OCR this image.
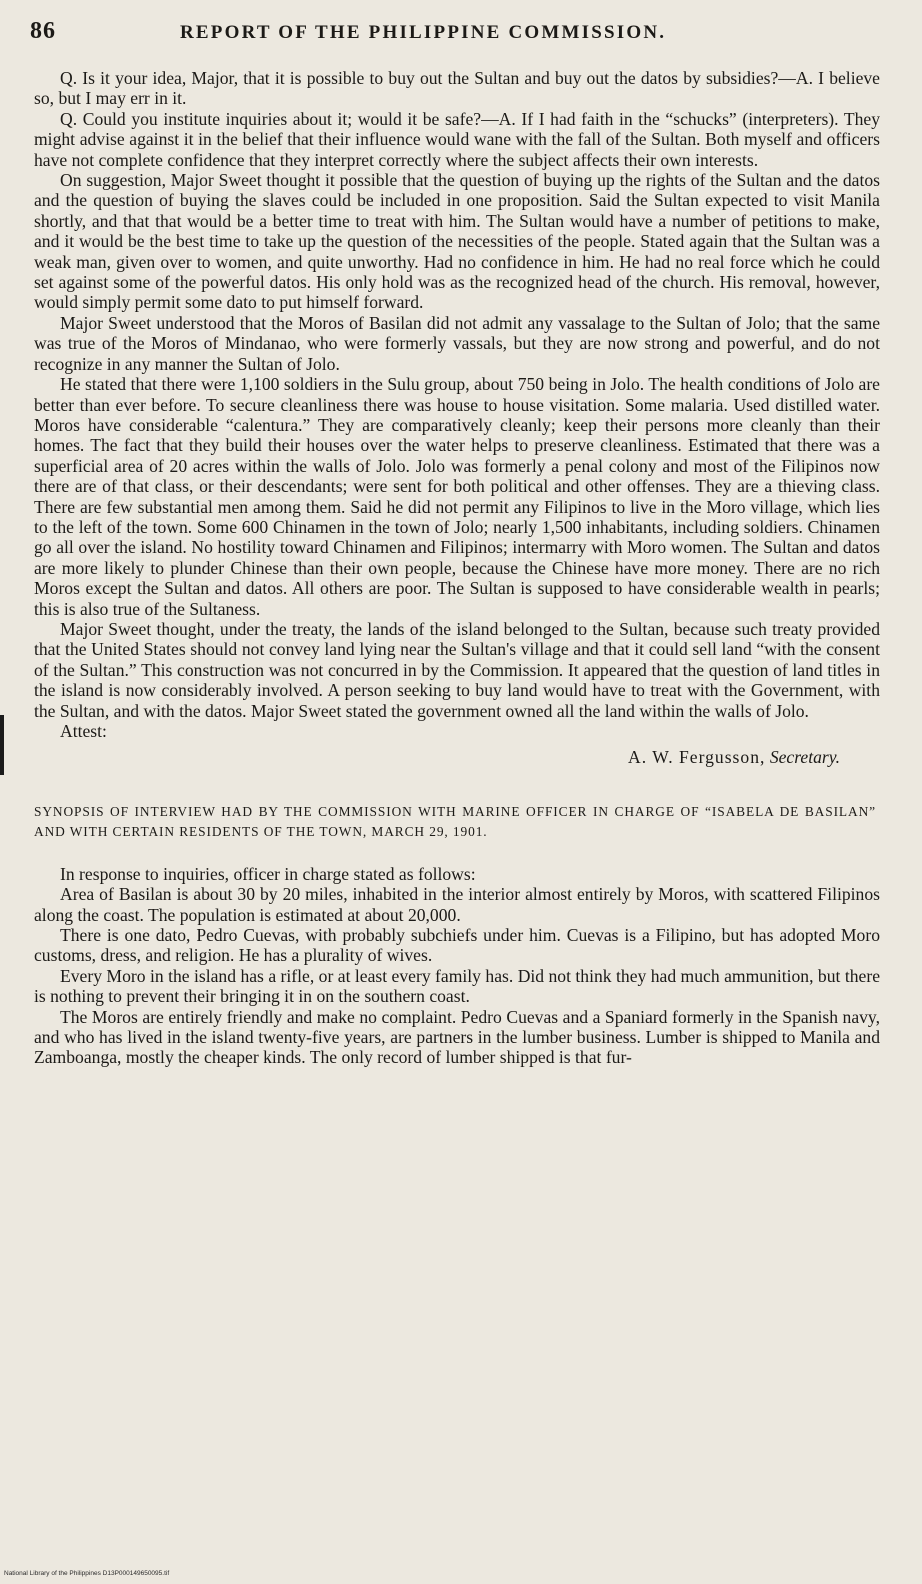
86	REPORT OF THE PHILIPPINE COMMISSION.

Q. Is it your idea, Major, that it is possible to buy out the Sultan and buy out the datos by subsidies?—A. I believe so, but I may err in it.

Q. Could you institute inquiries about it; would it be safe?—A. If I had faith in the “schucks” (interpreters). They might advise against it in the belief that their influence would wane with the fall of the Sultan. Both myself and officers have not complete confidence that they interpret correctly where the subject affects their own interests.

On suggestion, Major Sweet thought it possible that the question of buying up the rights of the Sultan and the datos and the question of buying the slaves could be included in one proposition. Said the Sultan expected to visit Manila shortly, and that that would be a better time to treat with him. The Sultan would have a number of petitions to make, and it would be the best time to take up the question of the necessities of the people. Stated again that the Sultan was a weak man, given over to women, and quite unworthy. Had no confidence in him. He had no real force which he could set against some of the powerful datos. His only hold was as the recognized head of the church. His removal, however, would simply permit some dato to put himself forward.

Major Sweet understood that the Moros of Basilan did not admit any vassalage to the Sultan of Jolo; that the same was true of the Moros of Mindanao, who were formerly vassals, but they are now strong and powerful, and do not recognize in any manner the Sultan of Jolo.

He stated that there were 1,100 soldiers in the Sulu group, about 750 being in Jolo. The health conditions of Jolo are better than ever before. To secure cleanliness there was house to house visitation. Some malaria. Used distilled water. Moros have considerable “calentura.” They are comparatively cleanly; keep their persons more cleanly than their homes. The fact that they build their houses over the water helps to preserve cleanliness. Estimated that there was a superficial area of 20 acres within the walls of Jolo. Jolo was formerly a penal colony and most of the Filipinos now there are of that class, or their descendants; were sent for both political and other offenses. They are a thieving class. There are few substantial men among them. Said he did not permit any Filipinos to live in the Moro village, which lies to the left of the town. Some 600 Chinamen in the town of Jolo; nearly 1,500 inhabitants, including soldiers. Chinamen go all over the island. No hostility toward Chinamen and Filipinos; intermarry with Moro women. The Sultan and datos are more likely to plunder Chinese than their own people, because the Chinese have more money. There are no rich Moros except the Sultan and datos. All others are poor. The Sultan is supposed to have considerable wealth in pearls; this is also true of the Sultaness.

Major Sweet thought, under the treaty, the lands of the island belonged to the Sultan, because such treaty provided that the United States should not convey land lying near the Sultan's village and that it could sell land “with the consent of the Sultan.” This construction was not concurred in by the Commission. It appeared that the question of land titles in the island is now considerably involved. A person seeking to buy land would have to treat with the Government, with the Sultan, and with the datos. Major Sweet stated the government owned all the land within the walls of Jolo.

Attest:

A. W. Fergusson, Secretary.

SYNOPSIS OF INTERVIEW HAD BY THE COMMISSION WITH MARINE OFFICER IN CHARGE OF “ISABELA DE BASILAN” AND WITH CERTAIN RESIDENTS OF THE TOWN, MARCH 29, 1901.

In response to inquiries, officer in charge stated as follows:

Area of Basilan is about 30 by 20 miles, inhabited in the interior almost entirely by Moros, with scattered Filipinos along the coast. The population is estimated at about 20,000.

There is one dato, Pedro Cuevas, with probably subchiefs under him. Cuevas is a Filipino, but has adopted Moro customs, dress, and religion. He has a plurality of wives.

Every Moro in the island has a rifle, or at least every family has. Did not think they had much ammunition, but there is nothing to prevent their bringing it in on the southern coast.

The Moros are entirely friendly and make no complaint. Pedro Cuevas and a Spaniard formerly in the Spanish navy, and who has lived in the island twenty-five years, are partners in the lumber business. Lumber is shipped to Manila and Zamboanga, mostly the cheaper kinds. The only record of lumber shipped is that fur-

National Library of the Philippines D13P000149650095.tif
